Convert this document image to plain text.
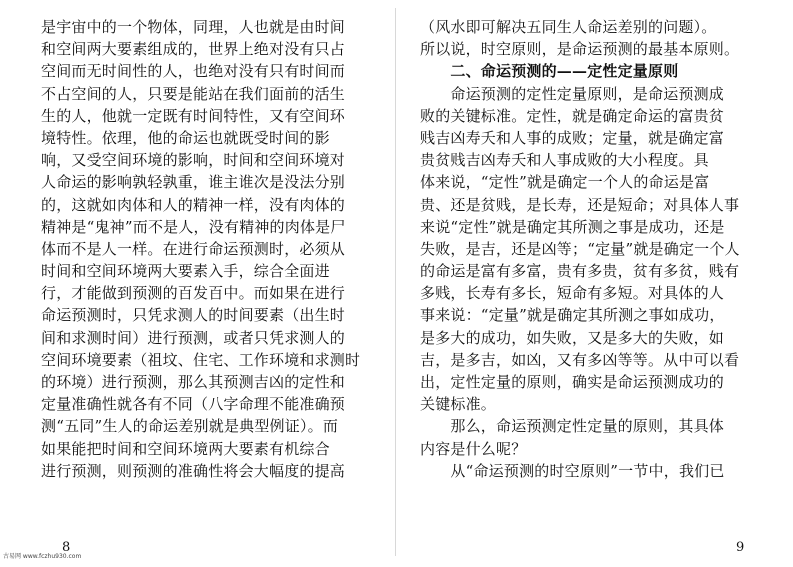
是宇宙中的一个物体，同理，人也就是由时间
和空间两大要素组成的，世界上绝对没有只占
空间而无时间性的人，也绝对没有只有时间而
不占空间的人，只要是能站在我们面前的活生
生的人，他就一定既有时间特性，又有空间环
境特性。依理，他的命运也就既受时间的影
响，又受空间环境的影响，时间和空间环境对
人命运的影响孰轻孰重，谁主谁次是没法分别
的，这就如肉体和人的精神一样，没有肉体的
精神是“鬼神”而不是人，没有精神的肉体是尸
体而不是人一样。在进行命运预测时，必须从
时间和空间环境两大要素入手，综合全面进
行，才能做到预测的百发百中。而如果在进行
命运预测时，只凭求测人的时间要素（出生时
间和求测时间）进行预测，或者只凭求测人的
空间环境要素（祖坟、住宅、工作环境和求测时
的环境）进行预测，那么其预测吉凶的定性和
定量准确性就各有不同（八字命理不能准确预
测“五同”生人的命运差别就是典型例证）。而
如果能把时间和空间环境两大要素有机综合
进行预测，则预测的准确性将会大幅度的提高
8
（风水即可解决五同生人命运差别的问题）。
所以说，时空原则，是命运预测的最基本原则。
　　二、命运预测的——定性定量原则
　　命运预测的定性定量原则，是命运预测成
败的关键标准。定性，就是确定命运的富贵贫
贱吉凶寿夭和人事的成败；定量，就是确定富
贵贫贱吉凶寿夭和人事成败的大小程度。具
体来说，“定性”就是确定一个人的命运是富
贵、还是贫贱，是长寿，还是短命；对具体人事
来说“定性”就是确定其所测之事是成功，还是
失败，是吉，还是凶等；“定量”就是确定一个人
的命运是富有多富，贵有多贵，贫有多贫，贱有
多贱，长寿有多长，短命有多短。对具体的人
事来说：“定量”就是确定其所测之事如成功，
是多大的成功，如失败，又是多大的失败，如
吉，是多吉，如凶，又有多凶等等。从中可以看
出，定性定量的原则，确实是命运预测成功的
关键标准。
　　那么，命运预测定性定量的原则，其具体
内容是什么呢？
　　从“命运预测的时空原则”一节中，我们已
9
古易网 www.fczhu930.com
